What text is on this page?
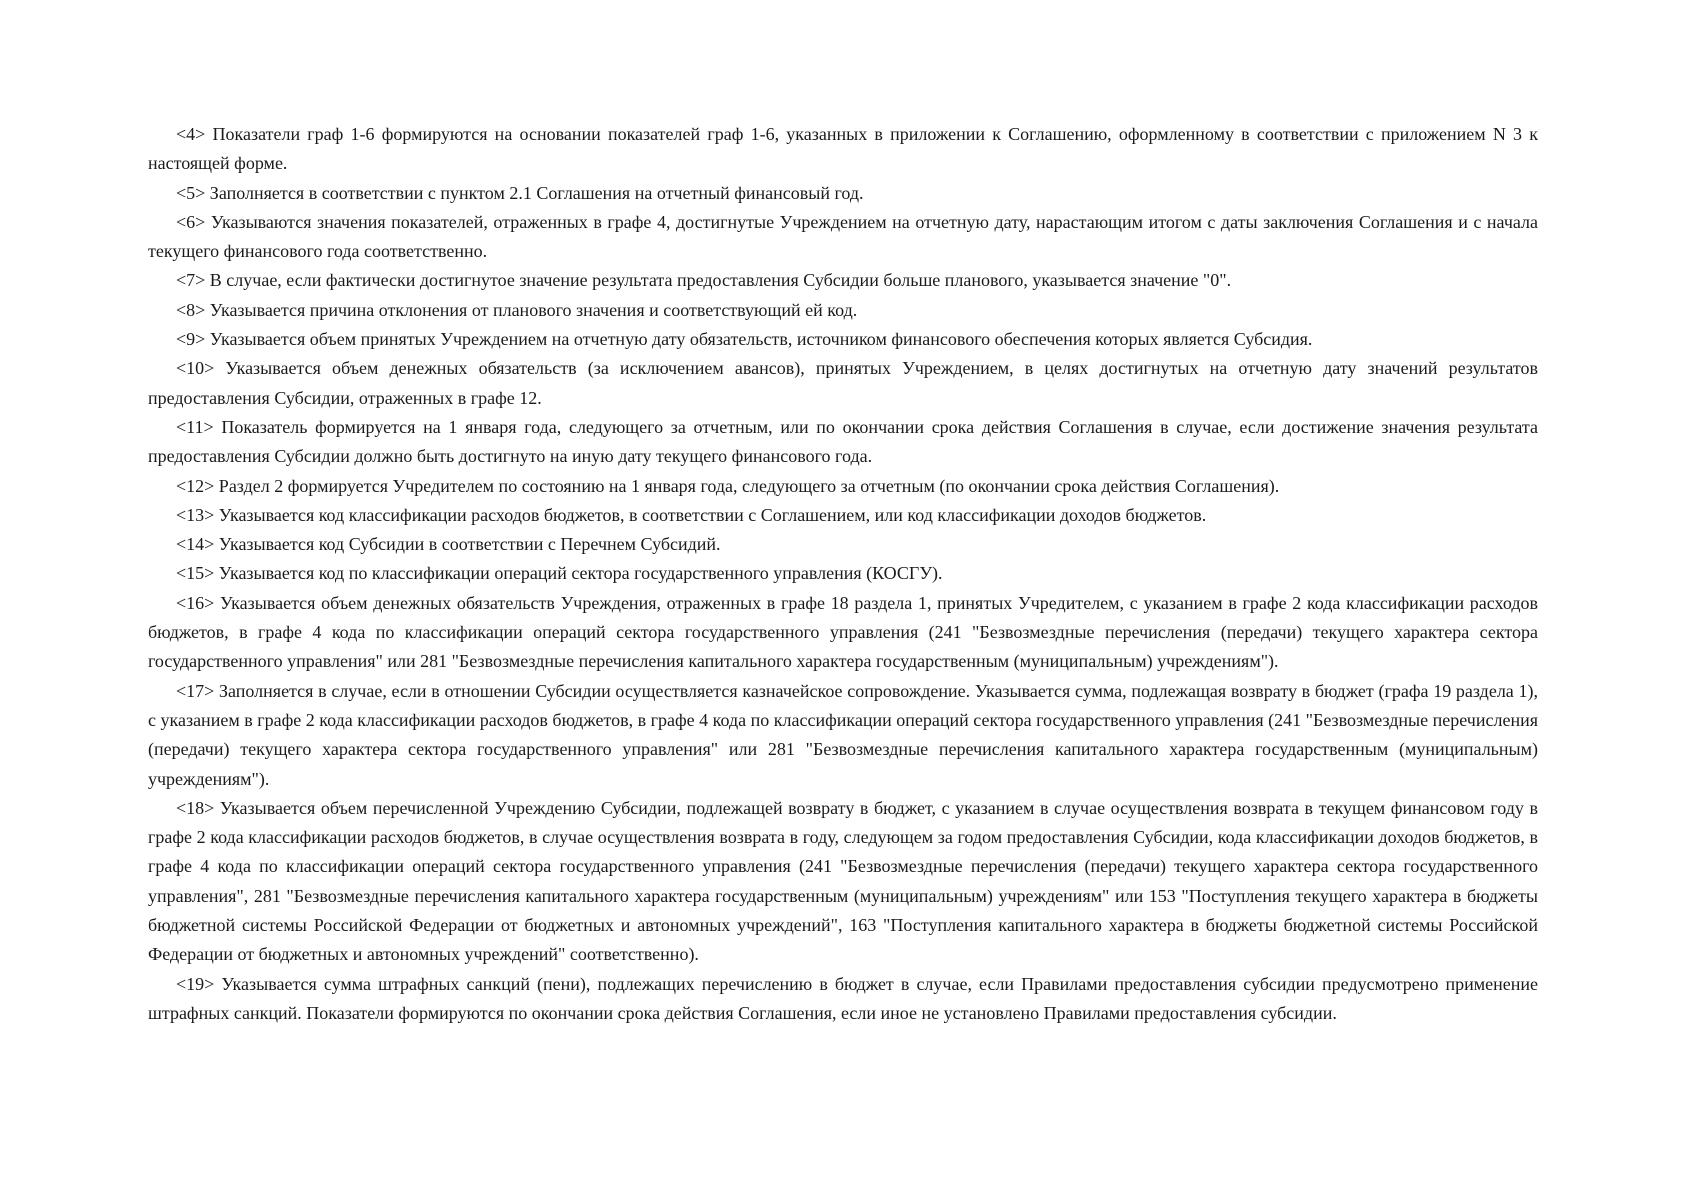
<4> Показатели граф 1-6 формируются на основании показателей граф 1-6, указанных в приложении к Соглашению, оформленному в соответствии с приложением N 3 к настоящей форме.

<5> Заполняется в соответствии с пунктом 2.1 Соглашения на отчетный финансовый год.

<6> Указываются значения показателей, отраженных в графе 4, достигнутые Учреждением на отчетную дату, нарастающим итогом с даты заключения Соглашения и с начала текущего финансового года соответственно.

<7> В случае, если фактически достигнутое значение результата предоставления Субсидии больше планового, указывается значение "0".

<8> Указывается причина отклонения от планового значения и соответствующий ей код.

<9> Указывается объем принятых Учреждением на отчетную дату обязательств, источником финансового обеспечения которых является Субсидия.

<10> Указывается объем денежных обязательств (за исключением авансов), принятых Учреждением, в целях достигнутых на отчетную дату значений результатов предоставления Субсидии, отраженных в графе 12.

<11> Показатель формируется на 1 января года, следующего за отчетным, или по окончании срока действия Соглашения в случае, если достижение значения результата предоставления Субсидии должно быть достигнуто на иную дату текущего финансового года.

<12> Раздел 2 формируется Учредителем по состоянию на 1 января года, следующего за отчетным (по окончании срока действия Соглашения).

<13> Указывается код классификации расходов бюджетов, в соответствии с Соглашением, или код классификации доходов бюджетов.

<14> Указывается код Субсидии в соответствии с Перечнем Субсидий.

<15> Указывается код по классификации операций сектора государственного управления (КОСГУ).

<16> Указывается объем денежных обязательств Учреждения, отраженных в графе 18 раздела 1, принятых Учредителем, с указанием в графе 2 кода классификации расходов бюджетов, в графе 4 кода по классификации операций сектора государственного управления (241 "Безвозмездные перечисления (передачи) текущего характера сектора государственного управления" или 281 "Безвозмездные перечисления капитального характера государственным (муниципальным) учреждениям").

<17> Заполняется в случае, если в отношении Субсидии осуществляется казначейское сопровождение. Указывается сумма, подлежащая возврату в бюджет (графа 19 раздела 1), с указанием в графе 2 кода классификации расходов бюджетов, в графе 4 кода по классификации операций сектора государственного управления (241 "Безвозмездные перечисления (передачи) текущего характера сектора государственного управления" или 281 "Безвозмездные перечисления капитального характера государственным (муниципальным) учреждениям").

<18> Указывается объем перечисленной Учреждению Субсидии, подлежащей возврату в бюджет, с указанием в случае осуществления возврата в текущем финансовом году в графе 2 кода классификации расходов бюджетов, в случае осуществления возврата в году, следующем за годом предоставления Субсидии, кода классификации доходов бюджетов, в графе 4 кода по классификации операций сектора государственного управления (241 "Безвозмездные перечисления (передачи) текущего характера сектора государственного управления", 281 "Безвозмездные перечисления капитального характера государственным (муниципальным) учреждениям" или 153 "Поступления текущего характера в бюджеты бюджетной системы Российской Федерации от бюджетных и автономных учреждений", 163 "Поступления капитального характера в бюджеты бюджетной системы Российской Федерации от бюджетных и автономных учреждений" соответственно).

<19> Указывается сумма штрафных санкций (пени), подлежащих перечислению в бюджет в случае, если Правилами предоставления субсидии предусмотрено применение штрафных санкций. Показатели формируются по окончании срока действия Соглашения, если иное не установлено Правилами предоставления субсидии.
